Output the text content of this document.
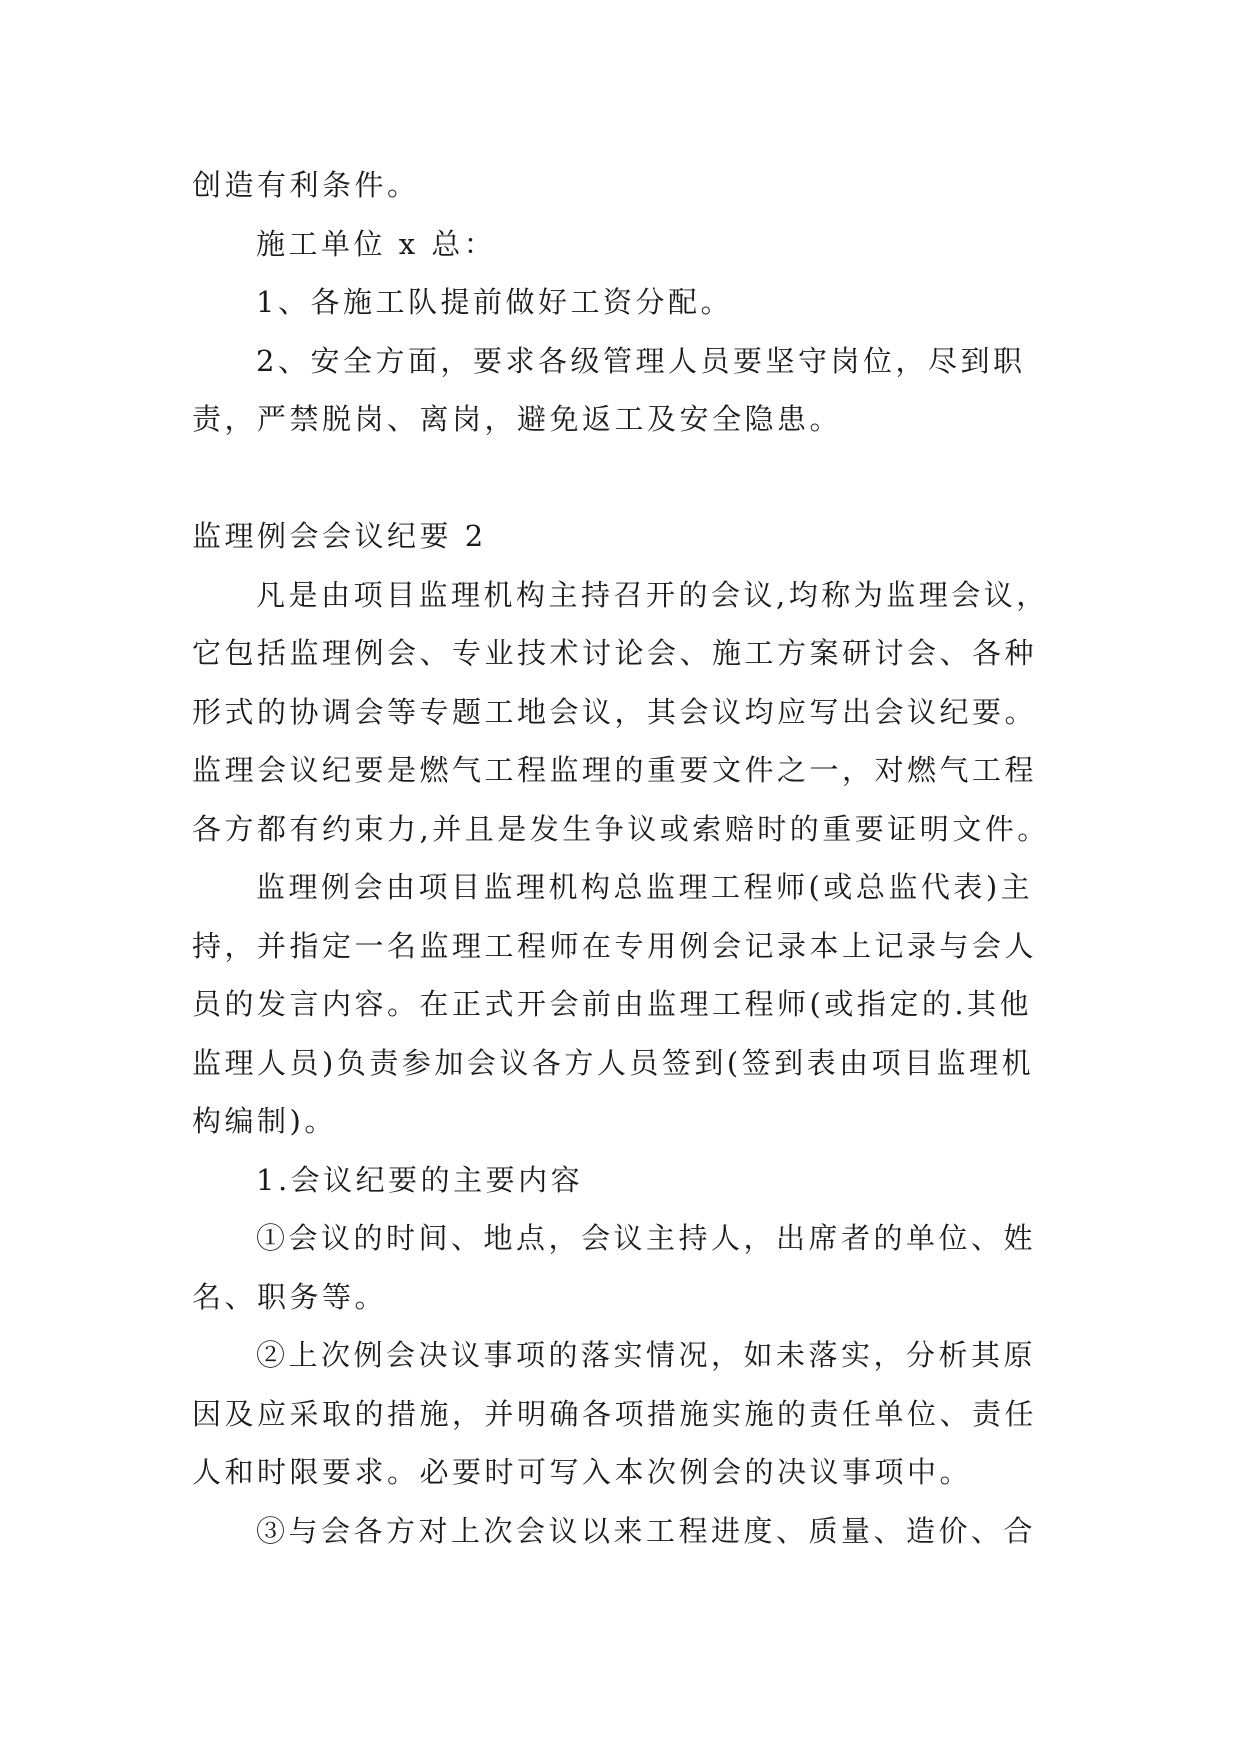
创造有利条件。
施工单位 x 总：
1、各施工队提前做好工资分配。
2、安全方面，要求各级管理人员要坚守岗位，尽到职
责，严禁脱岗、离岗，避免返工及安全隐患。
监理例会会议纪要 2
凡是由项目监理机构主持召开的会议,均称为监理会议，
它包括监理例会、专业技术讨论会、施工方案研讨会、各种
形式的协调会等专题工地会议，其会议均应写出会议纪要。
监理会议纪要是燃气工程监理的重要文件之一，对燃气工程
各方都有约束力,并且是发生争议或索赔时的重要证明文件。
监理例会由项目监理机构总监理工程师(或总监代表)主
持，并指定一名监理工程师在专用例会记录本上记录与会人
员的发言内容。在正式开会前由监理工程师(或指定的.其他
监理人员)负责参加会议各方人员签到(签到表由项目监理机
构编制)。
1.会议纪要的主要内容
①会议的时间、地点，会议主持人，出席者的单位、姓
名、职务等。
②上次例会决议事项的落实情况，如未落实，分析其原
因及应采取的措施，并明确各项措施实施的责任单位、责任
人和时限要求。必要时可写入本次例会的决议事项中。
③与会各方对上次会议以来工程进度、质量、造价、合
